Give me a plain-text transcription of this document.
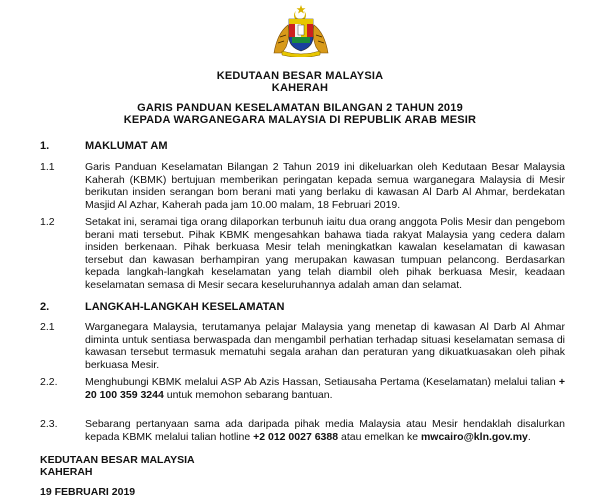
KEDUTAAN BESAR MALAYSIA
KAHERAH
GARIS PANDUAN KESELAMATAN BILANGAN 2 TAHUN 2019
KEPADA WARGANEGARA MALAYSIA DI REPUBLIK ARAB MESIR
1.	MAKLUMAT AM
1.1	Garis Panduan Keselamatan Bilangan 2 Tahun 2019 ini dikeluarkan oleh Kedutaan Besar Malaysia Kaherah (KBMK) bertujuan memberikan peringatan kepada semua warganegara Malaysia di Mesir berikutan insiden serangan bom berani mati yang berlaku di kawasan Al Darb Al Ahmar, berdekatan Masjid Al Azhar, Kaherah pada jam 10.00 malam, 18 Februari 2019.
1.2	Setakat ini, seramai tiga orang dilaporkan terbunuh iaitu dua orang anggota Polis Mesir dan pengebom berani mati tersebut. Pihak KBMK mengesahkan bahawa tiada rakyat Malaysia yang cedera dalam insiden berkenaan. Pihak berkuasa Mesir telah meningkatkan kawalan keselamatan di kawasan tersebut dan kawasan berhampiran yang merupakan kawasan tumpuan pelancong. Berdasarkan kepada langkah-langkah keselamatan yang telah diambil oleh pihak berkuasa Mesir, keadaan keselamatan semasa di Mesir secara keseluruhannya adalah aman dan selamat.
2.	LANGKAH-LANGKAH KESELAMATAN
2.1	Warganegara Malaysia, terutamanya pelajar Malaysia yang menetap di kawasan Al Darb Al Ahmar diminta untuk sentiasa berwaspada dan mengambil perhatian terhadap situasi keselamatan semasa di kawasan tersebut termasuk mematuhi segala arahan dan peraturan yang dikuatkuasakan oleh pihak berkuasa Mesir.
2.2.	Menghubungi KBMK melalui ASP Ab Azis Hassan, Setiausaha Pertama (Keselamatan) melalui talian + 20 100 359 3244 untuk memohon sebarang bantuan.
2.3.	Sebarang pertanyaan sama ada daripada pihak media Malaysia atau Mesir hendaklah disalurkan kepada KBMK melalui talian hotline +2 012 0027 6388 atau emelkan ke mwcairo@kln.gov.my.
KEDUTAAN BESAR MALAYSIA
KAHERAH
19 FEBRUARI 2019
